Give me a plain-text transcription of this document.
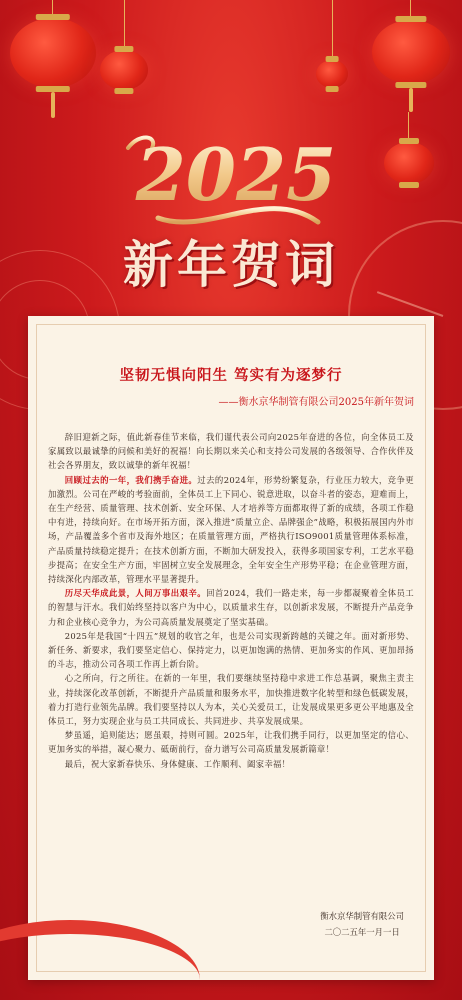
2025
新年贺词
坚韧无惧向阳生 笃实有为逐梦行
——衡水京华制管有限公司2025年新年贺词

辞旧迎新之际，值此新春佳节来临，我们谨代表公司向2025年奋进的各位，向全体员工及家属致以最诚挚的问候和美好的祝福！向长期以来关心和支持公司发展的各级领导、合作伙伴及社会各界朋友，致以诚挚的新年祝福！

回顾过去的一年，我们携手奋进。过去的2024年，形势纷繁复杂，行业压力较大，竞争更加激烈。公司在严峻的考验面前，全体员工上下同心、锐意进取，以奋斗者的姿态，迎难而上，在生产经营、质量管理、技术创新、安全环保、人才培养等方面都取得了新的成绩，各项工作稳中有进，持续向好。在市场开拓方面，深入推进“质量立企、品牌强企”战略，积极拓展国内外市场，产品覆盖多个省市及海外地区；在质量管理方面，严格执行ISO9001质量管理体系标准，产品质量持续稳定提升；在技术创新方面，不断加大研发投入，获得多项国家专利，工艺水平稳步提高；在安全生产方面，牢固树立安全发展理念，全年安全生产形势平稳；在企业管理方面，持续深化内部改革，管理水平显著提升。

历尽天华成此景，人间万事出艰辛。回首2024，我们一路走来，每一步都凝聚着全体员工的智慧与汗水。我们始终坚持以客户为中心，以质量求生存，以创新求发展，不断提升产品竞争力和企业核心竞争力，为公司高质量发展奠定了坚实基础。

2025年是我国“十四五”规划的收官之年，也是公司实现新跨越的关键之年。面对新形势、新任务、新要求，我们要坚定信心、保持定力，以更加饱满的热情、更加务实的作风、更加昂扬的斗志，推动公司各项工作再上新台阶。

心之所向，行之所往。在新的一年里，我们要继续坚持稳中求进工作总基调，聚焦主责主业，持续深化改革创新，不断提升产品质量和服务水平，加快推进数字化转型和绿色低碳发展，着力打造行业领先品牌。我们要坚持以人为本，关心关爱员工，让发展成果更多更公平地惠及全体员工，努力实现企业与员工共同成长、共同进步、共享发展成果。

梦虽遥，追则能达；愿虽艰，持则可圆。2025年，让我们携手同行，以更加坚定的信心、更加务实的举措，凝心聚力、砥砺前行，奋力谱写公司高质量发展新篇章！

最后，祝大家新春快乐、身体健康、工作顺利、阖家幸福！

衡水京华制管有限公司
二〇二五年一月一日
